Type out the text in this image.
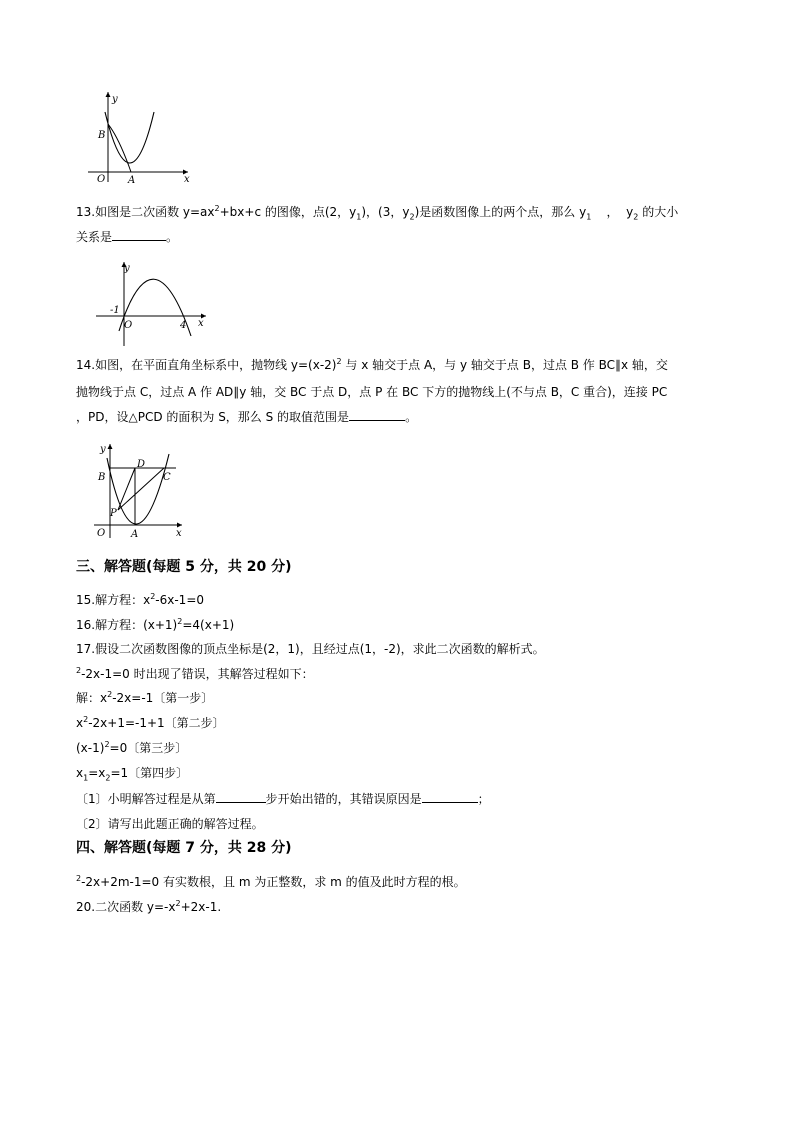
y
x
O A
B
13.如图是二次函数 $y=ax^2+bx+c$ 的图像，点(2，$y_1$)，(3，$y_2$)是函数图像上的两个点，那么 $y_1$    ，  $y_2$ 的大小
关系是	。
y
x
O
-1
4
14.如图，在平面直角坐标系中，抛物线 $y=(x-2)^2$ 与 x 轴交于点 A，与 y 轴交于点 B，过点 B 作 BC∥x 轴，交
抛物线于点 C，过点 A 作 AD∥y 轴，交 BC 于点 D，点 P 在 BC 下方的抛物线上(不与点 B，C 重合)，连接 PC
，PD，设△PCD 的面积为 S，那么 S 的取值范围是	。
y
x
O	A
B	C
D
P
三、解答题(每题 5 分，共 20 分)
15.解方程：$x^2-6x-1=0$
16.解方程：$(x+1)^2=4(x+1)$
17.假设二次函数图像的顶点坐标是(2，1)，且经过点(1，-2)，求此二次函数的解析式。
$^2$-2x-1=0 时出现了错误，其解答过程如下：
解：$x^2-2x=-1$〔第一步〕
$x^2-2x+1=-1+1$〔第二步〕
$(x-1)^2=0$〔第三步〕
$x_1=x_2=1$〔第四步〕
〔1〕小明解答过程是从第	步开始出错的，其错误原因是	；
〔2〕请写出此题正确的解答过程。
四、解答题(每题 7 分，共 28 分)
$^2$-2x+2m-1=0 有实数根，且 m 为正整数，求 m 的值及此时方程的根。
20.二次函数 $y=-x^2+2x-1$.
